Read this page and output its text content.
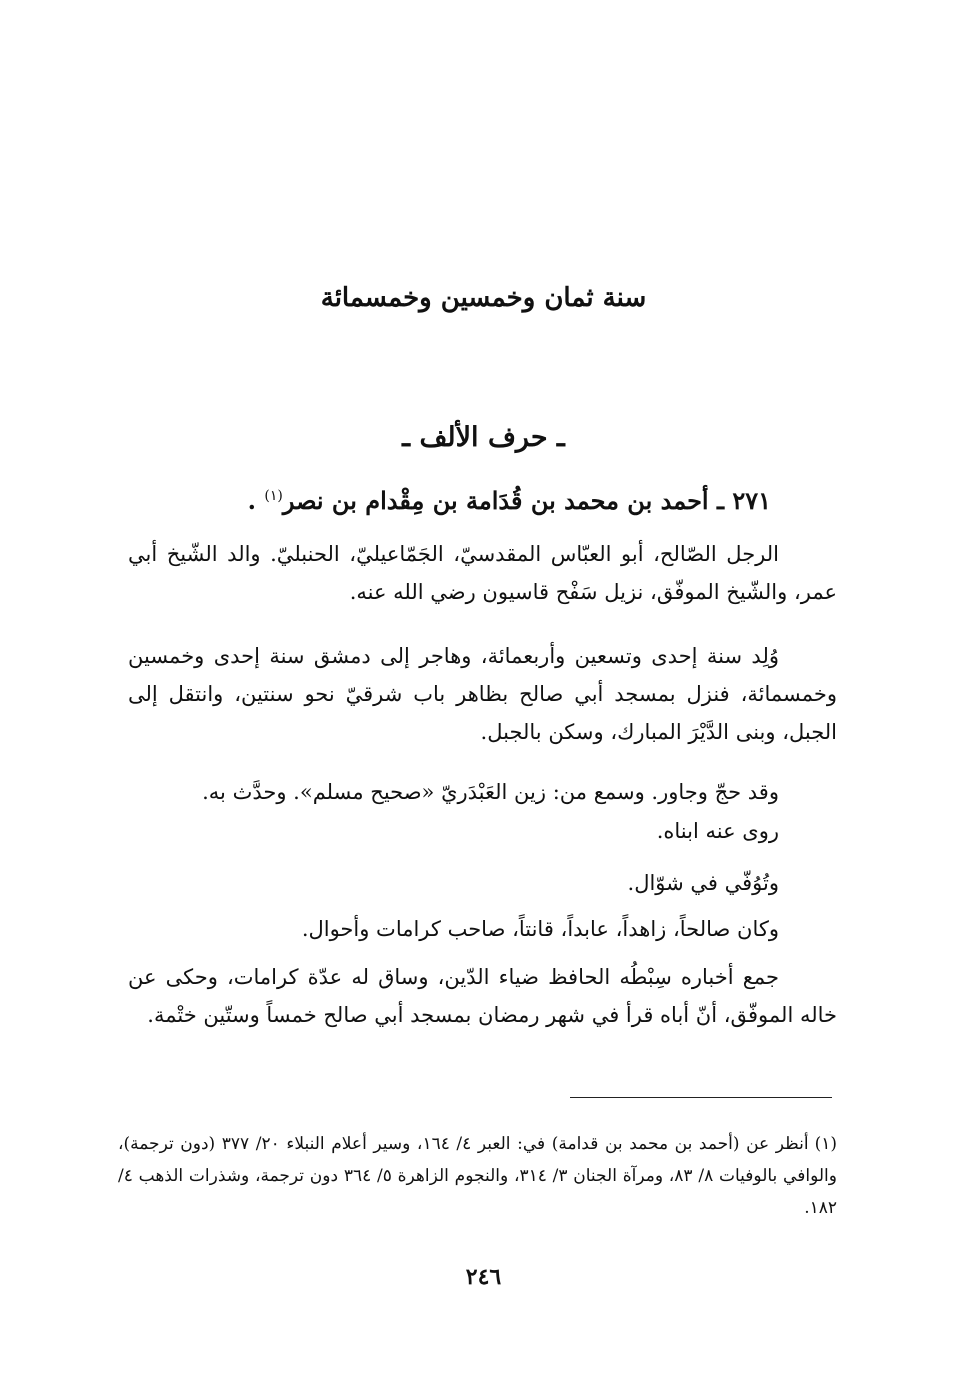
سنة ثمان وخمسين وخمسمائة
ـ حرف الألف ـ
٢٧١ ـ أحمد بن محمد بن قُدَامة بن مِقْدام بن نصر$^{(١)}$ .
الرجل الصّالح، أبو العبّاس المقدسيّ، الجَمّاعيليّ، الحنبليّ. والد الشّيخ أبي عمر، والشّيخ الموفّق، نزيل سَفْح قاسيون رضي الله عنه.
وُلِد سنة إحدى وتسعين وأربعمائة، وهاجر إلى دمشق سنة إحدى وخمسين وخمسمائة، فنزل بمسجد أبي صالح بظاهر باب شرقيّ نحو سنتين، وانتقل إلى الجبل، وبنى الدَّيْرَ المبارك، وسكن بالجبل.
وقد حجّ وجاور. وسمع من: زين العَبْدَريّ «صحيح مسلم». وحدَّث به.
روى عنه ابناه.
وتُوُفّي في شوّال.
وكان صالحاً، زاهداً، عابداً، قانتاً، صاحب كرامات وأحوال.
جمع أخباره سِبْطُه الحافظ ضياء الدّين، وساق له عدّة كرامات، وحكى عن خاله الموفّق، أنّ أباه قرأ في شهر رمضان بمسجد أبي صالح خمساً وستّين ختْمة.
(١)أنظر عن (أحمد بن محمد بن قدامة) في: العبر ٤/ ١٦٤، وسير أعلام النبلاء ٢٠/ ٣٧٧ (دون ترجمة)، والوافي بالوفيات ٨/ ٨٣، ومرآة الجنان ٣/ ٣١٤، والنجوم الزاهرة ٥/ ٣٦٤ دون ترجمة، وشذرات الذهب ٤/ ١٨٢.
٢٤٦
